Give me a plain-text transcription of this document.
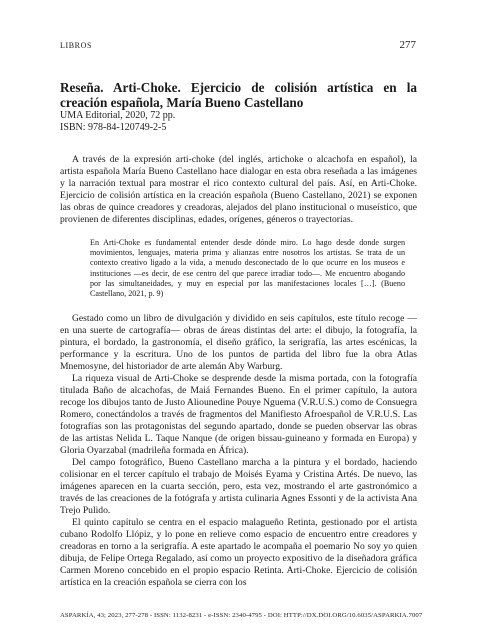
LIBROS	277
Reseña. Arti-Choke. Ejercicio de colisión artística en la creación española, María Bueno Castellano
UMA Editorial, 2020, 72 pp.
ISBN: 978-84-120749-2-5

A través de la expresión arti-choke (del inglés, artichoke o alcachofa en español), la artista española María Bueno Castellano hace dialogar en esta obra reseñada a las imágenes y la narración textual para mostrar el rico contexto cultural del país. Así, en Arti-Choke. Ejercicio de colisión artística en la creación española (Bueno Castellano, 2021) se exponen las obras de quince creadores y creadoras, alejados del plano institucional o museístico, que provienen de diferentes disciplinas, edades, orígenes, géneros o trayectorias.

En Arti-Choke es fundamental entender desde dónde miro. Lo hago desde donde surgen movimientos, lenguajes, materia prima y alianzas entre nosotros los artistas. Se trata de un contexto creativo ligado a la vida, a menudo desconectado de lo que ocurre en los museos e instituciones —es decir, de ese centro del que parece irradiar todo—. Me encuentro abogando por las simultaneidades, y muy en especial por las manifestaciones locales […]. (Bueno Castellano, 2021, p. 9)

Gestado como un libro de divulgación y dividido en seis capítulos, este título recoge —en una suerte de cartografía— obras de áreas distintas del arte: el dibujo, la fotografía, la pintura, el bordado, la gastronomía, el diseño gráfico, la serigrafía, las artes escénicas, la performance y la escritura. Uno de los puntos de partida del libro fue la obra Atlas Mnemosyne, del historiador de arte alemán Aby Warburg.

La riqueza visual de Arti-Choke se desprende desde la misma portada, con la fotografía titulada Baño de alcachofas, de Maiá Fernandes Bueno. En el primer capítulo, la autora recoge los dibujos tanto de Justo Aliounedine Pouye Nguema (V.R.U.S.) como de Consuegra Romero, conectándolos a través de fragmentos del Manifiesto Afroespañol de V.R.U.S. Las fotografías son las protagonistas del segundo apartado, donde se pueden observar las obras de las artistas Nelida L. Taque Nanque (de origen bissau-guineano y formada en Europa) y Gloria Oyarzabal (madrileña formada en África).

Del campo fotográfico, Bueno Castellano marcha a la pintura y el bordado, haciendo colisionar en el tercer capítulo el trabajo de Moisés Eyama y Cristina Artés. De nuevo, las imágenes aparecen en la cuarta sección, pero, esta vez, mostrando el arte gastronómico a través de las creaciones de la fotógrafa y artista culinaria Agnes Essonti y de la activista Ana Trejo Pulido.

El quinto capítulo se centra en el espacio malagueño Retinta, gestionado por el artista cubano Rodolfo Llópiz, y lo pone en relieve como espacio de encuentro entre creadores y creadoras en torno a la serigrafía. A este apartado le acompaña el poemario No soy yo quien dibuja, de Felipe Ortega Regalado, así como un proyecto expositivo de la diseñadora gráfica Carmen Moreno concebido en el propio espacio Retinta. Arti-Choke. Ejercicio de colisión artística en la creación española se cierra con los

ASPARKÍA, 43; 2023, 277-278 - ISSN: 1132-8231 - e-ISSN: 2340-4795 - DOI: HTTP://DX.DOI.ORG/10.6035/ASPARKIA.7007
